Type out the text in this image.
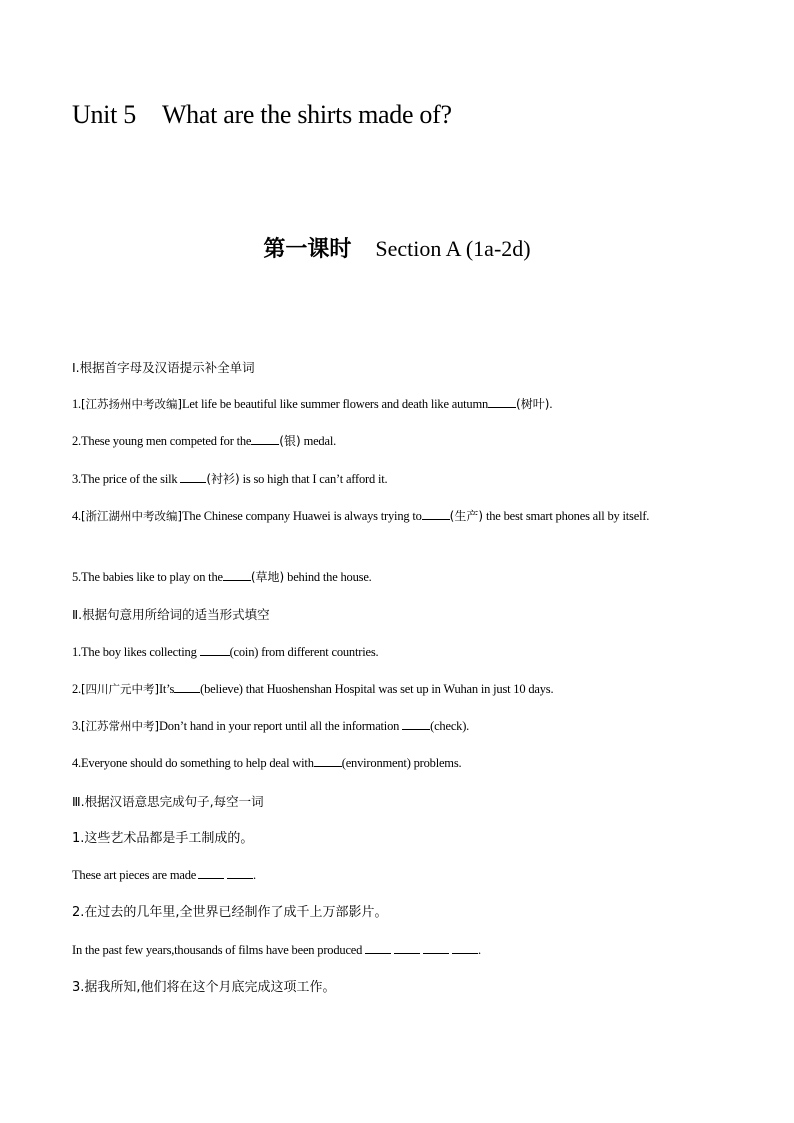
Unit 5 What are the shirts made of?
第一课时 Section A (1a-2d)
Ⅰ.根据首字母及汉语提示补全单词
1.[江苏扬州中考改编]Let life be beautiful like summer flowers and death like autumn (树叶).
2.These young men competed for the (银) medal.
3.The price of the silk (衬衫) is so high that I can’t afford it.
4.[浙江湖州中考改编]The Chinese company Huawei is always trying to (生产) the best smart phones all by itself.
5.The babies like to play on the (草地) behind the house.
Ⅱ.根据句意用所给词的适当形式填空
1.The boy likes collecting (coin) from different countries.
2.[四川广元中考]It’s (believe) that Huoshenshan Hospital was set up in Wuhan in just 10 days.
3.[江苏常州中考]Don’t hand in your report until all the information (check).
4.Everyone should do something to help deal with (environment) problems.
Ⅲ.根据汉语意思完成句子,每空一词
1.这些艺术品都是手工制成的。
These art pieces are made	.
2.在过去的几年里,全世界已经制作了成千上万部影片。
In the past few years,thousands of films have been produced	.
3.据我所知,他们将在这个月底完成这项工作。
